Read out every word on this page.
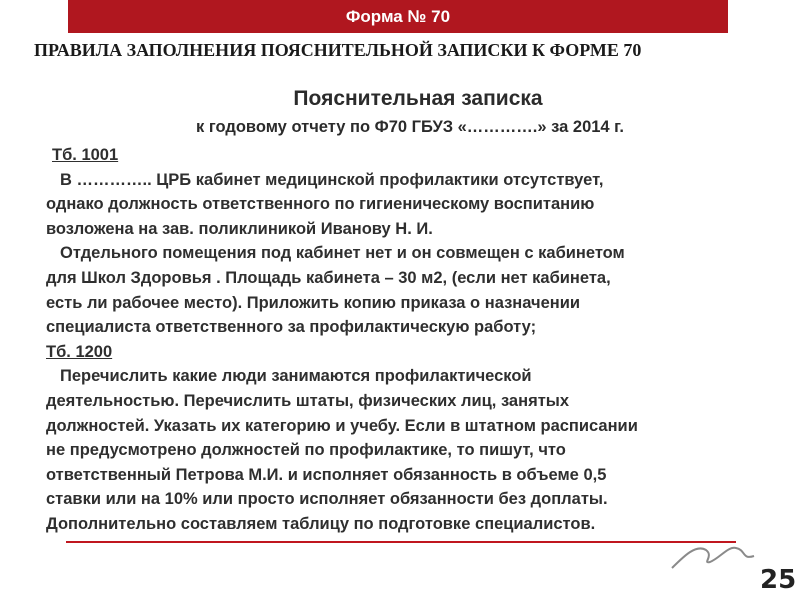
Форма № 70
ПРАВИЛА ЗАПОЛНЕНИЯ ПОЯСНИТЕЛЬНОЙ ЗАПИСКИ К ФОРМЕ 70
Пояснительная записка
к годовому отчету по Ф70 ГБУЗ «………….» за 2014 г.
Тб. 1001
В ………….. ЦРБ кабинет медицинской профилактики отсутствует,
однако должность ответственного по гигиеническому воспитанию
возложена на зав. поликлиникой Иванову Н. И.
Отдельного помещения под кабинет нет и он совмещен с кабинетом
для Школ Здоровья . Площадь кабинета – 30 м2, (если нет кабинета,
есть ли рабочее место). Приложить копию приказа о назначении
специалиста ответственного за профилактическую работу;
Тб. 1200
Перечислить какие люди занимаются профилактической
деятельностью. Перечислить штаты, физических лиц, занятых
должностей. Указать их категорию и учебу. Если в штатном расписании
не предусмотрено должностей по профилактике, то пишут, что
ответственный Петрова М.И. и исполняет обязанность в объеме 0,5
ставки или на 10% или просто исполняет обязанности без доплаты.
Дополнительно составляем таблицу по подготовке специалистов.
25
